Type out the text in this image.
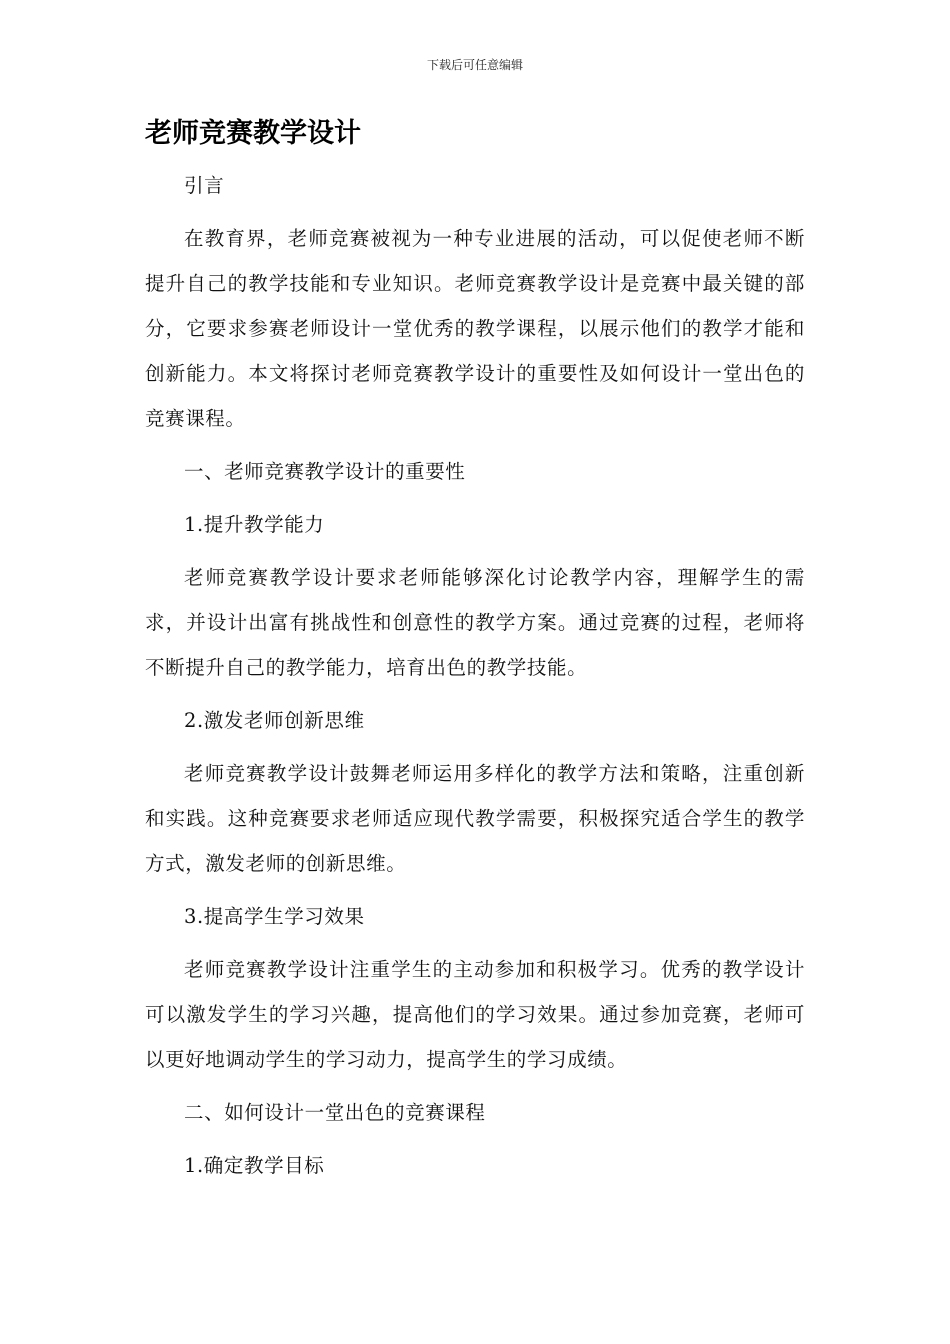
下载后可任意编辑
老师竞赛教学设计

引言

在教育界，老师竞赛被视为一种专业进展的活动，可以促使老师不断提升自己的教学技能和专业知识。老师竞赛教学设计是竞赛中最关键的部分，它要求参赛老师设计一堂优秀的教学课程，以展示他们的教学才能和创新能力。本文将探讨老师竞赛教学设计的重要性及如何设计一堂出色的竞赛课程。

一、老师竞赛教学设计的重要性

1.提升教学能力

老师竞赛教学设计要求老师能够深化讨论教学内容，理解学生的需求，并设计出富有挑战性和创意性的教学方案。通过竞赛的过程，老师将不断提升自己的教学能力，培育出色的教学技能。

2.激发老师创新思维

老师竞赛教学设计鼓舞老师运用多样化的教学方法和策略，注重创新和实践。这种竞赛要求老师适应现代教学需要，积极探究适合学生的教学方式，激发老师的创新思维。

3.提高学生学习效果

老师竞赛教学设计注重学生的主动参加和积极学习。优秀的教学设计可以激发学生的学习兴趣，提高他们的学习效果。通过参加竞赛，老师可以更好地调动学生的学习动力，提高学生的学习成绩。

二、如何设计一堂出色的竞赛课程

1.确定教学目标
